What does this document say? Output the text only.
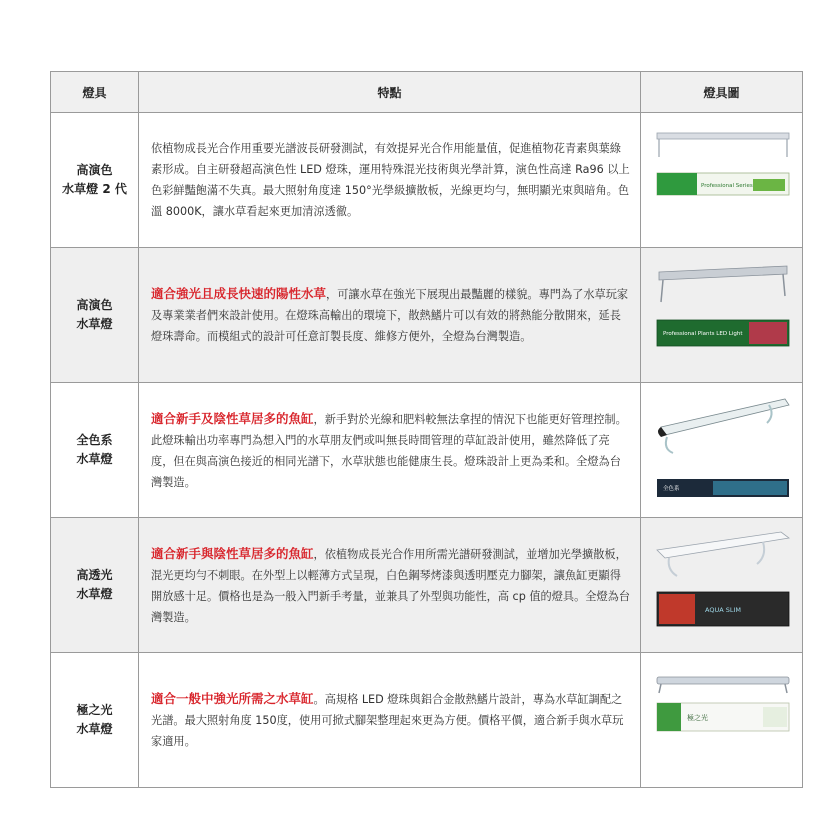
燈具	特點	燈具圖

高演色
水草燈 2 代	依植物成長光合作用重要光譜波長研發測試，有效提昇光合作用能量值，促進植物花青素與葉綠素形成。自主研發超高演色性 LED 燈珠，運用特殊混光技術與光學計算，演色性高達 Ra96 以上色彩鮮豔飽滿不失真。最大照射角度達 150°光學級擴散板，光線更均勻，無明顯光束與暗角。色溫 8000K，讓水草看起來更加清涼透徹。	Professional Series

高演色
水草燈	適合強光且成長快速的陽性水草，可讓水草在強光下展現出最豔麗的樣貌。專門為了水草玩家及專業業者們來設計使用。在燈珠高輸出的環境下，散熱鰭片可以有效的將熱能分散開來，延長燈珠壽命。而模組式的設計可任意訂製長度、維修方便外，全燈為台灣製造。	Professional Plants LED Light

全色系
水草燈	適合新手及陰性草居多的魚缸，新手對於光線和肥料較無法拿捏的情況下也能更好管理控制。此燈珠輸出功率專門為想入門的水草朋友們或叫無長時間管理的草缸設計使用，雖然降低了亮度，但在與高演色接近的相同光譜下，水草狀態也能健康生長。燈珠設計上更為柔和。全燈為台灣製造。	全色系

高透光
水草燈	適合新手與陰性草居多的魚缸，依植物成長光合作用所需光譜研發測試，並增加光學擴散板，混光更均勻不刺眼。在外型上以輕薄方式呈現，白色鋼琴烤漆與透明壓克力腳架，讓魚缸更顯得開放感十足。價格也是為一般入門新手考量，並兼具了外型與功能性，高 cp 值的燈具。全燈為台灣製造。	AQUA SLIM

極之光
水草燈	適合一般中強光所需之水草缸。高規格 LED 燈珠與鋁合金散熱鰭片設計，專為水草缸調配之光譜。最大照射角度 150度，使用可掀式腳架整理起來更為方便。價格平價，適合新手與水草玩家適用。	極之光
